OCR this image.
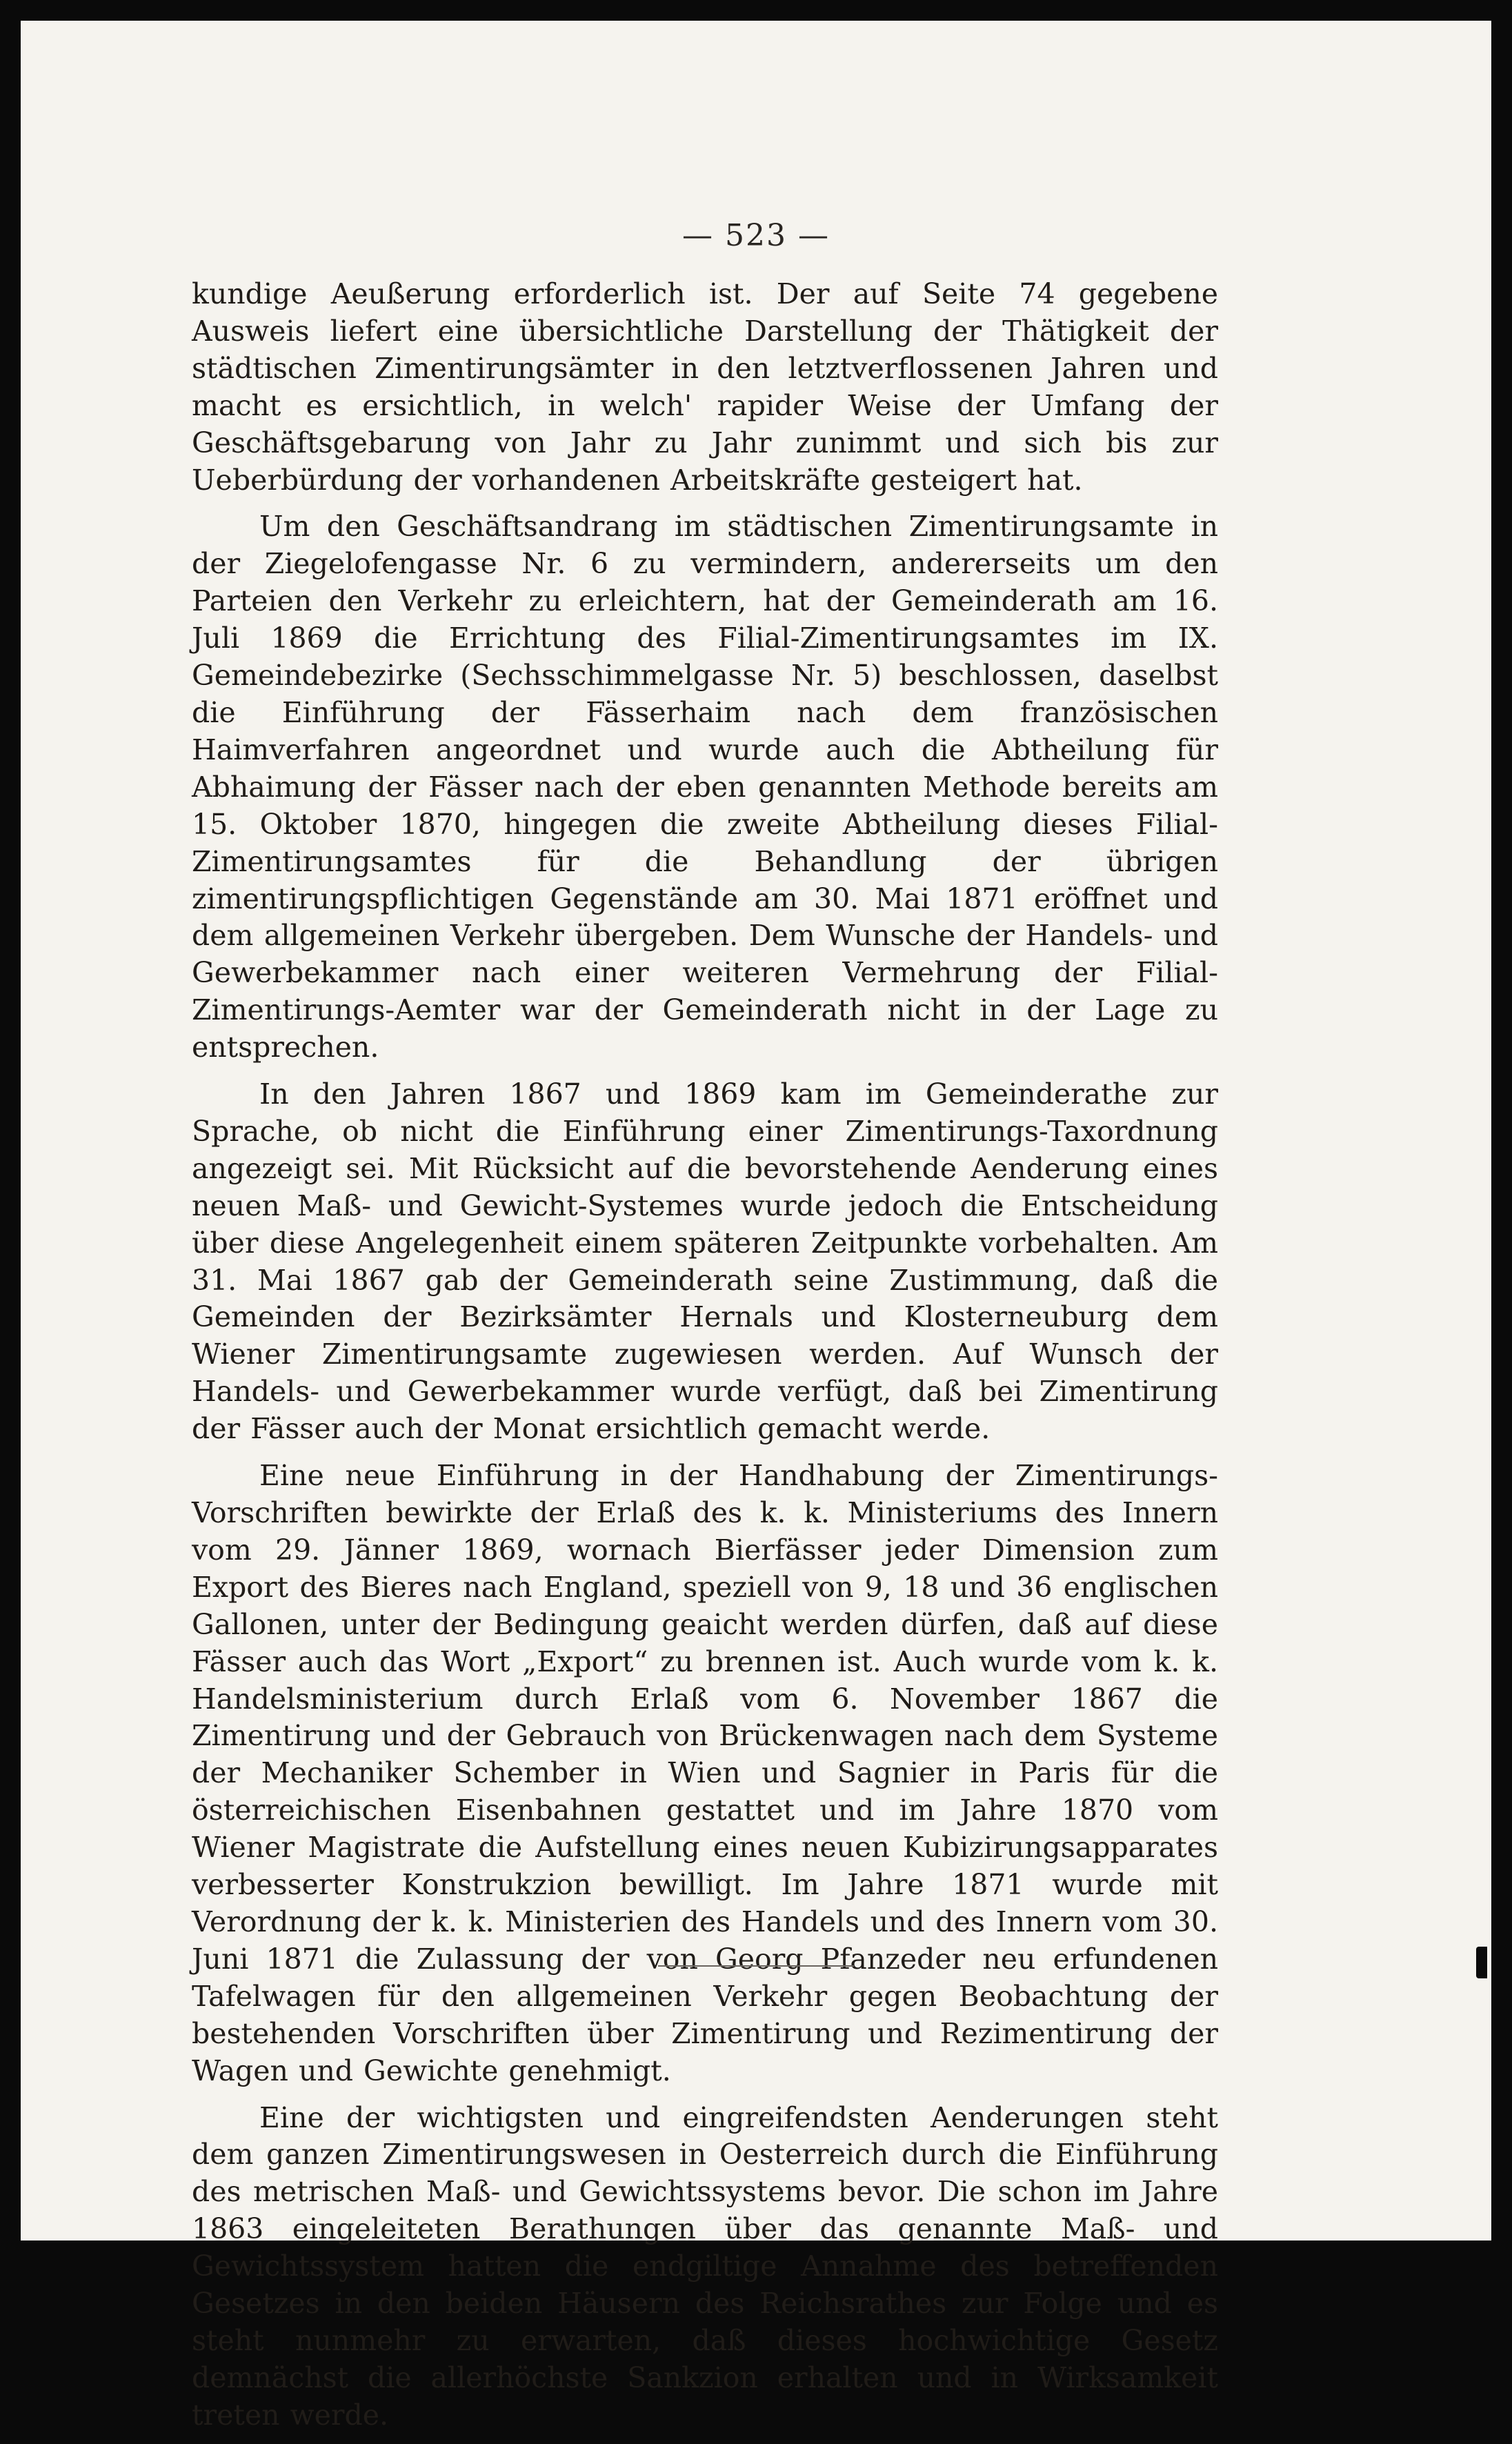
— 523 —

kundige Aeußerung erforderlich ist. Der auf Seite 74 gegebene Ausweis liefert eine übersichtliche Darstellung der Thätigkeit der städtischen Zimentirungsämter in den letztverflossenen Jahren und macht es ersichtlich, in welch' rapider Weise der Umfang der Geschäftsgebarung von Jahr zu Jahr zunimmt und sich bis zur Ueberbürdung der vorhandenen Arbeitskräfte gesteigert hat.

Um den Geschäftsandrang im städtischen Zimentirungsamte in der Ziegelofengasse Nr. 6 zu vermindern, andererseits um den Parteien den Verkehr zu erleichtern, hat der Gemeinderath am 16. Juli 1869 die Errichtung des Filial-Zimentirungsamtes im IX. Gemeindebezirke (Sechsschimmelgasse Nr. 5) beschlossen, daselbst die Einführung der Fässerhaim nach dem französischen Haimverfahren angeordnet und wurde auch die Abtheilung für Abhaimung der Fässer nach der eben genannten Methode bereits am 15. Oktober 1870, hingegen die zweite Abtheilung dieses Filial-Zimentirungsamtes für die Behandlung der übrigen zimentirungspflichtigen Gegenstände am 30. Mai 1871 eröffnet und dem allgemeinen Verkehr übergeben. Dem Wunsche der Handels- und Gewerbekammer nach einer weiteren Vermehrung der Filial-Zimentirungs-Aemter war der Gemeinderath nicht in der Lage zu entsprechen.

In den Jahren 1867 und 1869 kam im Gemeinderathe zur Sprache, ob nicht die Einführung einer Zimentirungs-Taxordnung angezeigt sei. Mit Rücksicht auf die bevorstehende Aenderung eines neuen Maß- und Gewicht-Systemes wurde jedoch die Entscheidung über diese Angelegenheit einem späteren Zeitpunkte vorbehalten. Am 31. Mai 1867 gab der Gemeinderath seine Zustimmung, daß die Gemeinden der Bezirksämter Hernals und Klosterneuburg dem Wiener Zimentirungsamte zugewiesen werden. Auf Wunsch der Handels- und Gewerbekammer wurde verfügt, daß bei Zimentirung der Fässer auch der Monat ersichtlich gemacht werde.

Eine neue Einführung in der Handhabung der Zimentirungs-Vorschriften bewirkte der Erlaß des k. k. Ministeriums des Innern vom 29. Jänner 1869, wornach Bierfässer jeder Dimension zum Export des Bieres nach England, speziell von 9, 18 und 36 englischen Gallonen, unter der Bedingung geaicht werden dürfen, daß auf diese Fässer auch das Wort „Export“ zu brennen ist. Auch wurde vom k. k. Handelsministerium durch Erlaß vom 6. November 1867 die Zimentirung und der Gebrauch von Brückenwagen nach dem Systeme der Mechaniker Schember in Wien und Sagnier in Paris für die österreichischen Eisenbahnen gestattet und im Jahre 1870 vom Wiener Magistrate die Aufstellung eines neuen Kubizirungsapparates verbesserter Konstrukzion bewilligt. Im Jahre 1871 wurde mit Verordnung der k. k. Ministerien des Handels und des Innern vom 30. Juni 1871 die Zulassung der von Georg Pfanzeder neu erfundenen Tafelwagen für den allgemeinen Verkehr gegen Beobachtung der bestehenden Vorschriften über Zimentirung und Rezimentirung der Wagen und Gewichte genehmigt.

Eine der wichtigsten und eingreifendsten Aenderungen steht dem ganzen Zimentirungswesen in Oesterreich durch die Einführung des metrischen Maß- und Gewichtssystems bevor. Die schon im Jahre 1863 eingeleiteten Berathungen über das genannte Maß- und Gewichtssystem hatten die endgiltige Annahme des betreffenden Gesetzes in den beiden Häusern des Reichsrathes zur Folge und es steht nunmehr zu erwarten, daß dieses hochwichtige Gesetz demnächst die allerhöchste Sankzion erhalten und in Wirksamkeit treten werde.
